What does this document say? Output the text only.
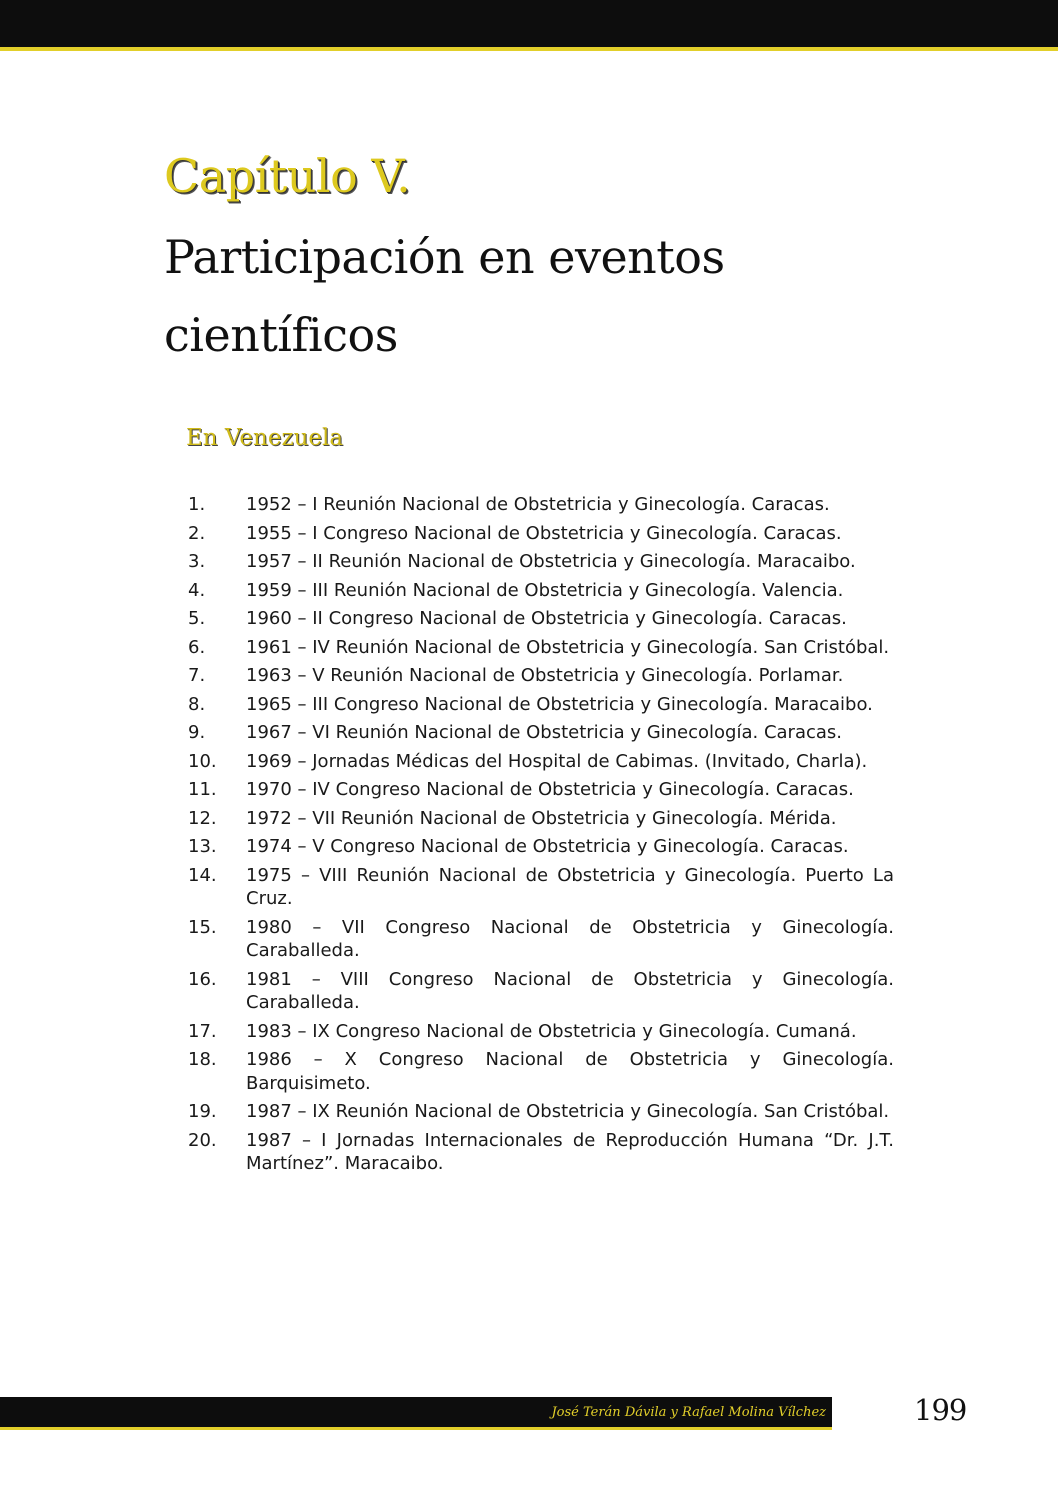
Capítulo V.
Participación en eventos científicos
En Venezuela
1.	1952 – I Reunión Nacional de Obstetricia y Ginecología. Caracas.

2.	1955 – I Congreso Nacional de Obstetricia y Ginecología. Caracas.

3.	1957 – II Reunión Nacional de Obstetricia y Ginecología. Maracaibo.

4.	1959 – III Reunión Nacional de Obstetricia y Ginecología. Valencia.

5.	1960 – II Congreso Nacional de Obstetricia y Ginecología. Caracas.

6.	1961 – IV Reunión Nacional de Obstetricia y Ginecología. San Cristóbal.

7.	1963 – V Reunión Nacional de Obstetricia y Ginecología. Porlamar.

8.	1965 – III Congreso Nacional de Obstetricia y Ginecología. Maracaibo.

9.	1967 – VI Reunión Nacional de Obstetricia y Ginecología. Caracas.

10.	1969 – Jornadas Médicas del Hospital de Cabimas. (Invitado, Charla).

11.	1970 – IV Congreso Nacional de Obstetricia y Ginecología. Caracas.

12.	1972 – VII Reunión Nacional de Obstetricia y Ginecología. Mérida.

13.	1974 – V Congreso Nacional de Obstetricia y Ginecología. Caracas.

14.	1975 – VIII Reunión Nacional de Obstetricia y Ginecología. Puerto La Cruz.

15.	1980 – VII Congreso Nacional de Obstetricia y Ginecología. Caraballeda.

16.	1981 – VIII Congreso Nacional de Obstetricia y Ginecología. Caraballeda.

17.	1983 – IX Congreso Nacional de Obstetricia y Ginecología. Cumaná.

18.	1986 – X Congreso Nacional de Obstetricia y Ginecología. Barquisimeto.

19.	1987 – IX Reunión Nacional de Obstetricia y Ginecología. San Cristóbal.

20.	1987 – I Jornadas Internacionales de Reproducción Humana “Dr. J.T. Martínez”. Maracaibo.

José Terán Dávila y Rafael Molina Vílchez	199
